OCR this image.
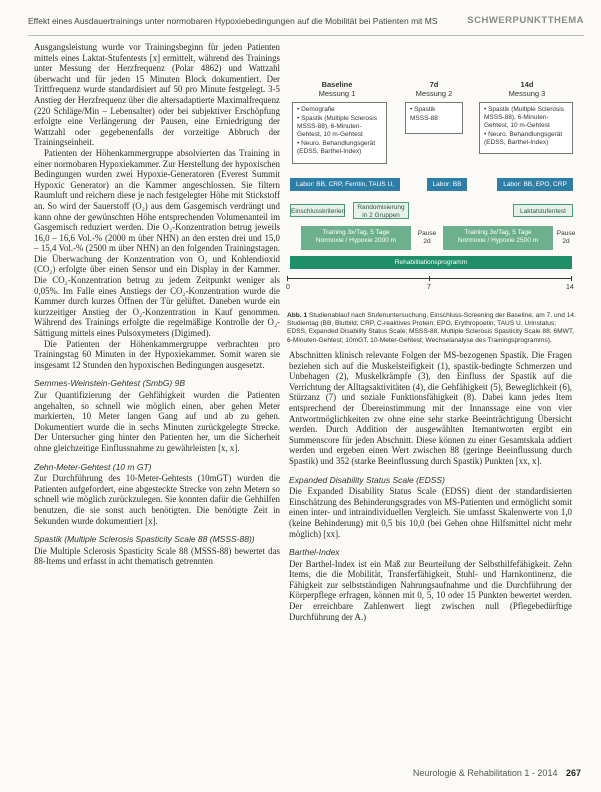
Effekt eines Ausdauertrainings unter normobaren Hypoxiebedingungen auf die Mobilität bei Patienten mit MS	SCHWERPUNKTTHEMA

Ausgangsleistung wurde vor Trainingsbeginn für jeden Patienten mittels eines Laktat-Stufentests [x] ermittelt, während des Trainings unter Messung der Herzfrequenz (Polar 4862) und Wattzahl überwacht und für jeden 15 Minuten Block dokumentiert. Der Trittfrequenz wurde standardisiert auf 50 pro Minute festgelegt. 3-5 Anstieg der Herzfrequenz über die altersadaptierte Maximalfrequenz (220 Schläge/Min – Lebensalter) oder bei subjektiver Erschöpfung erfolgte eine Verlängerung der Pausen, eine Erniedrigung der Wattzahl oder gegebenenfalls der vorzeitige Abbruch der Trainingseinheit.

Patienten der Höhenkammergruppe absolvierten das Training in einer normobaren Hypoxiekammer. Zur Herstellung der hypoxischen Bedingungen wurden zwei Hypoxie-Generatoren (Everest Summit Hypoxic Generator) an die Kammer angeschlossen. Sie filtern Raumluft und reichern diese je nach festgelegter Höhe mit Stickstoff an. So wird der Sauerstoff (O₂) aus dem Gasgemisch verdrängt und kann ohne der gewünschten Höhe entsprechenden Volumenanteil im Gasgemisch reduziert werden. Die O₂-Konzentration betrug jeweils 16,0 – 16,6 Vol.-% (2000 m über NHN) an den ersten drei und 15,0 – 15,4 Vol.-% (2500 m über NHN) an den folgenden Trainingstagen. Die Überwachung der Konzentration von O₂ und Kohlendioxid (CO₂) erfolgte über einen Sensor und ein Display in der Kammer. Die CO₂-Konzentration betrug zu jedem Zeitpunkt weniger als 0,05%. Im Falle eines Anstiegs der CO₂-Konzentration wurde die Kammer durch kurzes Öffnen der Tür gelüftet. Daneben wurde ein kurzzeitiger Anstieg der O₂-Konzentration in Kauf genommen. Während des Trainings erfolgte die regelmäßige Kontrolle der O₂-Sättigung mittels eines Pulsoxymeters (Digimed).

Die Patienten der Höhenkammergruppe verbrachten pro Trainingstag 60 Minuten in der Hypoxiekammer. Somit waren sie insgesamt 12 Stunden den hypoxischen Bedingungen ausgesetzt.

Semmes-Weinstein-Gehtest (SmbG) 9B

Zur Quantifizierung der Gehfähigkeit wurden die Patienten angehalten, so schnell wie möglich einen, aber gehen Meter markierten, 10 Meter langen Gang auf und ab zu gehen. Dokumentiert wurde die in sechs Minuten zurückgelegte Strecke. Der Untersucher ging hinter den Patienten her, um die Sicherheit ohne gleichzeitige Einflussnahme zu gewährleisten [x, x].

Zehn-Meter-Gehtest (10 m GT)

Zur Durchführung des 10-Meter-Gehtests (10mGT) wurden die Patienten aufgefordert, eine abgesteckte Strecke von zehn Metern so schnell wie möglich zurückzulegen. Sie konnten dafür die Gehhilfen benutzen, die sie sonst auch benötigten. Die benötigte Zeit in Sekunden wurde dokumentiert [x].

Spastik (Multiple Sclerosis Spasticity Scale 88 (MSSS-88))

Die Multiple Sclerosis Spasticity Scale 88 (MSSS-88) bewertet das 88-Items und erfasst in acht thematisch getrennten

Baseline
Messung 1
7d
Messung 2
14d
Messung 3
• Demografie
• Spastik (Multiple Sclerosis MSSS-88), 6-Minuten-Gehtest, 10 m-Gehtest
• Neuro. Behandlungsgerät (EDSS, Barthel-Index)
• Spastik
MSSS-88
• Spastik (Multiple Sclerosis MSSS-88), 6-Minuten-Gehtest, 10 m-Gehtest
• Neuro. Behandlungsgerät (EDSS, Barthel-Index)
Labor: BB, CRP, Ferritin, TAUS U, EPO
Labor: BB	Labor: BB, EPO, CRP
Einschlusskriterien
Randomisierung in 2 Gruppen
Laktatstufentest
Training 3x/Tag, 5 Tage
Normoxie / Hypoxie 2000 m
Pause 2d
Training 3x/Tag, 5 Tage
Normoxie / Hypoxie 2500 m
Pause 2d
Rehabilitationsprogramm
0	7	14
Abb. 1 Studienablauf nach Stufenuntersuchung, Einschluss-Screening der Baseline, am 7. und 14. Studientag (BB, Blutbild; CRP, C-reaktives Protein; EPO, Erythropoetin; TAUS U, Urinstatus; EDSS, Expanded Disability Status Scale; MSSS-88, Multiple Sclerosis Spasticity Scale 88; 6MWT, 6-Minuten-Gehtest; 10mGT, 10-Meter-Gehtest; Wechselanalyse des Trainingsprogramms).

Abschnitten klinisch relevante Folgen der MS-bezogenen Spastik. Die Fragen beziehen sich auf die Muskelsteifigkeit (1), spastik-bedingte Schmerzen und Unbehagen (2), Muskelkrämpfe (3), den Einfluss der Spastik auf die Verrichtung der Alltagsaktivitäten (4), die Gehfähigkeit (5), Beweglichkeit (6), Stürzanz (7) und soziale Funktionsfähigkeit (8). Dabei kann jedes Item entsprechend der Übereinstimmung mit der Innanssage eine von vier Antwortmöglichkeiten zw ohne eine sehr starke Beeinträchtigung Übersicht werden. Durch Addition der ausgewählten Itemantworten ergibt ein Summenscore für jeden Abschnitt. Diese können zu einer Gesamtskala addiert werden und ergeben einen Wert zwischen 88 (geringe Beeinflussung durch Spastik) und 352 (starke Beeinflussung durch Spastik) Punkten [xx, x].

Expanded Disability Status Scale (EDSS)

Die Expanded Disability Status Scale (EDSS) dient der standardisierten Einschätzung des Behinderungsgrades von MS-Patienten und ermöglicht somit einen inter- und intraindividuellen Vergleich. Sie umfasst Skalenwerte von 1,0 (keine Behinderung) mit 0,5 bis 10,0 (bei Gehen ohne Hilfsmittel nicht mehr möglich) [xx].

Barthel-Index

Der Barthel-Index ist ein Maß zur Beurteilung der Selbsthilfefähigkeit. Zehn Items, die die Mobilität, Transferfähigkeit, Stuhl- und Harnkontinenz, die Fähigkeit zur selbstständigen Nahrungsaufnahme und die Durchführung der Körperpflege erfragen, können mit 0, 5, 10 oder 15 Punkten bewertet werden. Der erreichbare Zahlenwert liegt zwischen null (Pflegebedürftige Durchführung der A.)

Neurologie & Rehabilitation 1 - 2014 267
